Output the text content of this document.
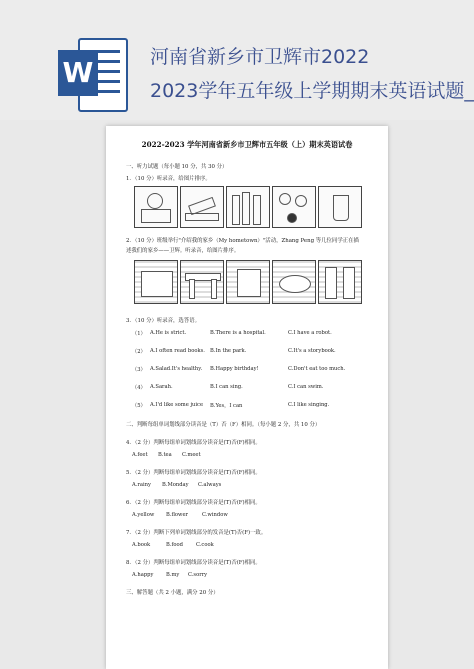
W	河南省新乡市卫辉市2022
2023学年五年级上学期期末英语试题_
2022-2023 学年河南省新乡市卫辉市五年级（上）期末英语试卷
一、听力试题（每小题 10 分，共 30 分）
1．（10 分）听录音，给图片排序。
2．（10 分）班级举行"介绍我的家乡（My hometown）"活动，Zhang Peng 等几位同学正在描
述我们的家乡——卫辉。听录音，给图片排序。
3．（10 分）听录音，选答语。
（1） A.He is strict.	B.There is a hospital.	C.I have a robot.
（2） A.I often read books. B.In the park.	C.It's a storybook.
（3） A.Salad.It's healthy. B.Happy birthday!	C.Don't eat too much.
（4） A.Sarah.	B.I can sing.	C.I can swim.
（5） A.I'd like some juice B.Yes，I can	C.I like singing.
二、判断每组单词划线部分读音是（T）否（F）相同。（每小题 2 分，共 10 分）
4．（2 分）判断每组单词划线部分读音是(T)否(F)相同。
A.feet B.tea C.meet
5．（2 分）判断每组单词划线部分读音是(T)否(F)相同。
A.rainy B.Monday C.always
6．（2 分）判断每组单词划线部分读音是(T)否(F)相同。
A.yellow B.flower	C.window
7．（2 分）判断下列单词划线部分的发音是(T)否(F)一致。
A.book	B.food	C.cook
8．（2 分）判断每组单词划线部分读音是(T)否(F)相同。
A.happy B.my C.sorry
三、解答题（共 2 小题，满分 20 分）
